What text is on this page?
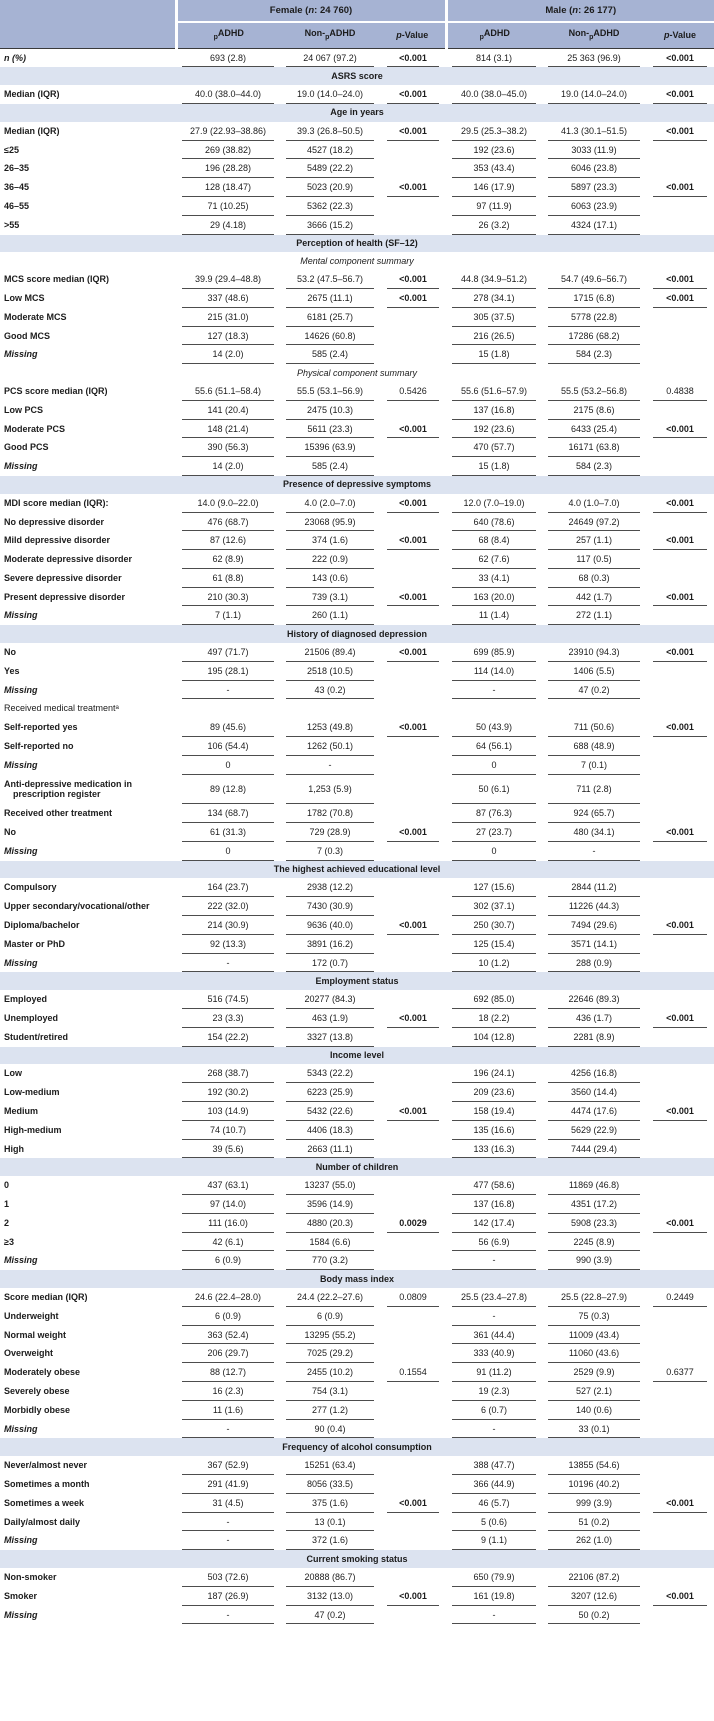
	Female (n: 24 760)			Male (n: 26 177)		
	$_p$ADHD	Non-$_pADHD$	p-Value	$_p$ADHD	Non-$_pADHD$	p-Value
n (%)	693 (2.8)	24 067 (97.2)	<0.001	814 (3.1)	25 363 (96.9)	<0.001
ASRS score						
Median (IQR)	40.0 (38.0–44.0)	19.0 (14.0–24.0)	<0.001	40.0 (38.0–45.0)	19.0 (14.0–24.0)	<0.001
Age in years						
Median (IQR)	27.9 (22.93–38.86)	39.3 (26.8–50.5)	<0.001	29.5 (25.3–38.2)	41.3 (30.1–51.5)	<0.001
≤25	269 (38.82)	4527 (18.2)		192 (23.6)	3033 (11.9)	
26–35	196 (28.28)	5489 (22.2)		353 (43.4)	6046 (23.8)	
36–45	128 (18.47)	5023 (20.9)	<0.001	146 (17.9)	5897 (23.3)	<0.001
46–55	71 (10.25)	5362 (22.3)		97 (11.9)	6063 (23.9)	
>55	29 (4.18)	3666 (15.2)		26 (3.2)	4324 (17.1)	
Perception of health (SF–12)						
Mental component summary						
MCS score median (IQR)	39.9 (29.4–48.8)	53.2 (47.5–56.7)	<0.001	44.8 (34.9–51.2)	54.7 (49.6–56.7)	<0.001
Low MCS	337 (48.6)	2675 (11.1)	<0.001	278 (34.1)	1715 (6.8)	<0.001
Moderate MCS	215 (31.0)	6181 (25.7)		305 (37.5)	5778 (22.8)	
Good MCS	127 (18.3)	14626 (60.8)		216 (26.5)	17286 (68.2)	
Missing	14 (2.0)	585 (2.4)		15 (1.8)	584 (2.3)	
Physical component summary						
PCS score median (IQR)	55.6 (51.1–58.4)	55.5 (53.1–56.9)	0.5426	55.6 (51.6–57.9)	55.5 (53.2–56.8)	0.4838
Low PCS	141 (20.4)	2475 (10.3)		137 (16.8)	2175 (8.6)	
Moderate PCS	148 (21.4)	5611 (23.3)	<0.001	192 (23.6)	6433 (25.4)	<0.001
Good PCS	390 (56.3)	15396 (63.9)		470 (57.7)	16171 (63.8)	
Missing	14 (2.0)	585 (2.4)		15 (1.8)	584 (2.3)	
Presence of depressive symptoms						
MDI score median (IQR):	14.0 (9.0–22.0)	4.0 (2.0–7.0)	<0.001	12.0 (7.0–19.0)	4.0 (1.0–7.0)	<0.001
No depressive disorder	476 (68.7)	23068 (95.9)		640 (78.6)	24649 (97.2)	
Mild depressive disorder	87 (12.6)	374 (1.6)	<0.001	68 (8.4)	257 (1.1)	<0.001
Moderate depressive disorder	62 (8.9)	222 (0.9)		62 (7.6)	117 (0.5)	
Severe depressive disorder	61 (8.8)	143 (0.6)		33 (4.1)	68 (0.3)	
Present depressive disorder	210 (30.3)	739 (3.1)	<0.001	163 (20.0)	442 (1.7)	<0.001
Missing	7 (1.1)	260 (1.1)		11 (1.4)	272 (1.1)	
History of diagnosed depression						
No	497 (71.7)	21506 (89.4)	<0.001	699 (85.9)	23910 (94.3)	<0.001
Yes	195 (28.1)	2518 (10.5)		114 (14.0)	1406 (5.5)	
Missing	-	43 (0.2)		-	47 (0.2)	
Received medical treatmentᵃ						
Self-reported yes	89 (45.6)	1253 (49.8)	<0.001	50 (43.9)	711 (50.6)	<0.001
Self-reported no	106 (54.4)	1262 (50.1)		64 (56.1)	688 (48.9)	
Missing	0	-		0	7 (0.1)	
Anti-depressive medication in prescription register	89 (12.8)	1,253 (5.9)		50 (6.1)	711 (2.8)	
Received other treatment	134 (68.7)	1782 (70.8)		87 (76.3)	924 (65.7)	
No	61 (31.3)	729 (28.9)	<0.001	27 (23.7)	480 (34.1)	<0.001
Missing	0	7 (0.3)		0	-	
The highest achieved educational level						
Compulsory	164 (23.7)	2938 (12.2)		127 (15.6)	2844 (11.2)	
Upper secondary/vocational/other	222 (32.0)	7430 (30.9)		302 (37.1)	11226 (44.3)	
Diploma/bachelor	214 (30.9)	9636 (40.0)	<0.001	250 (30.7)	7494 (29.6)	<0.001
Master or PhD	92 (13.3)	3891 (16.2)		125 (15.4)	3571 (14.1)	
Missing	-	172 (0.7)		10 (1.2)	288 (0.9)	
Employment status						
Employed	516 (74.5)	20277 (84.3)		692 (85.0)	22646 (89.3)	
Unemployed	23 (3.3)	463 (1.9)	<0.001	18 (2.2)	436 (1.7)	<0.001
Student/retired	154 (22.2)	3327 (13.8)		104 (12.8)	2281 (8.9)	
Income level						
Low	268 (38.7)	5343 (22.2)		196 (24.1)	4256 (16.8)	
Low-medium	192 (30.2)	6223 (25.9)		209 (23.6)	3560 (14.4)	
Medium	103 (14.9)	5432 (22.6)	<0.001	158 (19.4)	4474 (17.6)	<0.001
High-medium	74 (10.7)	4406 (18.3)		135 (16.6)	5629 (22.9)	
High	39 (5.6)	2663 (11.1)		133 (16.3)	7444 (29.4)	
Number of children						
0	437 (63.1)	13237 (55.0)		477 (58.6)	11869 (46.8)	
1	97 (14.0)	3596 (14.9)		137 (16.8)	4351 (17.2)	
2	111 (16.0)	4880 (20.3)	0.0029	142 (17.4)	5908 (23.3)	<0.001
≥3	42 (6.1)	1584 (6.6)		56 (6.9)	2245 (8.9)	
Missing	6 (0.9)	770 (3.2)		-	990 (3.9)	
Body mass index						
Score median (IQR)	24.6 (22.4–28.0)	24.4 (22.2–27.6)	0.0809	25.5 (23.4–27.8)	25.5 (22.8–27.9)	0.2449
Underweight	6 (0.9)	6 (0.9)		-	75 (0.3)	
Normal weight	363 (52.4)	13295 (55.2)		361 (44.4)	11009 (43.4)	
Overweight	206 (29.7)	7025 (29.2)		333 (40.9)	11060 (43.6)	
Moderately obese	88 (12.7)	2455 (10.2)	0.1554	91 (11.2)	2529 (9.9)	0.6377
Severely obese	16 (2.3)	754 (3.1)		19 (2.3)	527 (2.1)	
Morbidly obese	11 (1.6)	277 (1.2)		6 (0.7)	140 (0.6)	
Missing	-	90 (0.4)		-	33 (0.1)	
Frequency of alcohol consumption						
Never/almost never	367 (52.9)	15251 (63.4)		388 (47.7)	13855 (54.6)	
Sometimes a month	291 (41.9)	8056 (33.5)		366 (44.9)	10196 (40.2)	
Sometimes a week	31 (4.5)	375 (1.6)	<0.001	46 (5.7)	999 (3.9)	<0.001
Daily/almost daily	-	13 (0.1)		5 (0.6)	51 (0.2)	
Missing	-	372 (1.6)		9 (1.1)	262 (1.0)	
Current smoking status						
Non-smoker	503 (72.6)	20888 (86.7)		650 (79.9)	22106 (87.2)	
Smoker	187 (26.9)	3132 (13.0)	<0.001	161 (19.8)	3207 (12.6)	<0.001
Missing	-	47 (0.2)		-	50 (0.2)	
